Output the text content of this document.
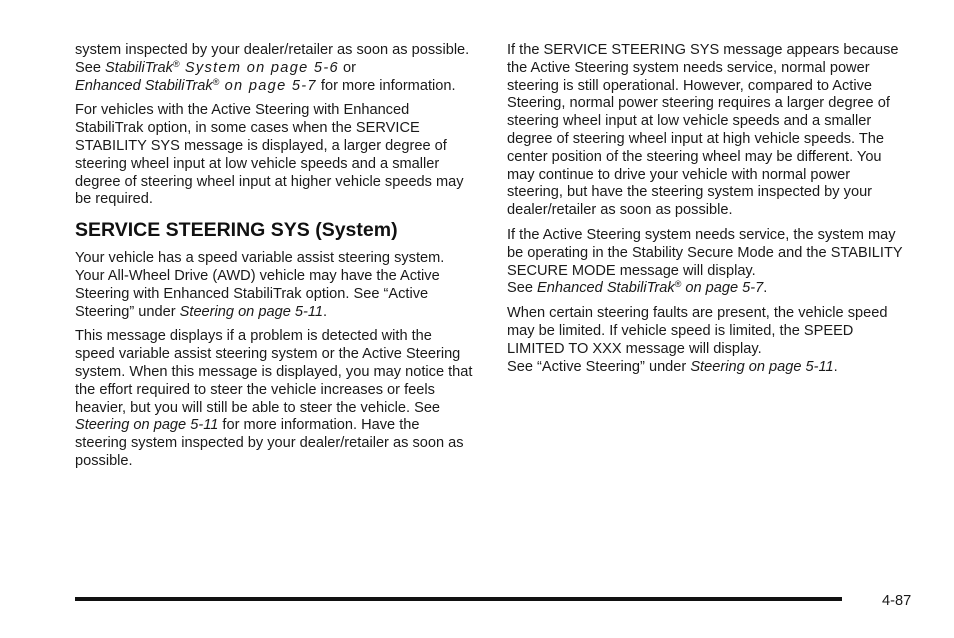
system inspected by your dealer/retailer as soon as possible. See StabiliTrak® System on page 5-6 or
Enhanced StabiliTrak® on page 5-7 for more information.

For vehicles with the Active Steering with Enhanced StabiliTrak option, in some cases when the SERVICE STABILITY SYS message is displayed, a larger degree of steering wheel input at low vehicle speeds and a smaller degree of steering wheel input at higher vehicle speeds may be required.

SERVICE STEERING SYS (System)

Your vehicle has a speed variable assist steering system. Your All-Wheel Drive (AWD) vehicle may have the Active Steering with Enhanced StabiliTrak option. See “Active Steering” under Steering on page 5-11.

This message displays if a problem is detected with the speed variable assist steering system or the Active Steering system. When this message is displayed, you may notice that the effort required to steer the vehicle increases or feels heavier, but you will still be able to steer the vehicle. See Steering on page 5-11 for more information. Have the steering system inspected by your dealer/retailer as soon as possible.

If the SERVICE STEERING SYS message appears because the Active Steering system needs service, normal power steering is still operational. However, compared to Active Steering, normal power steering requires a larger degree of steering wheel input at low vehicle speeds and a smaller degree of steering wheel input at high vehicle speeds. The center position of the steering wheel may be different. You may continue to drive your vehicle with normal power steering, but have the steering system inspected by your dealer/retailer as soon as possible.

If the Active Steering system needs service, the system may be operating in the Stability Secure Mode and the STABILITY SECURE MODE message will display.
See Enhanced StabiliTrak® on page 5-7.

When certain steering faults are present, the vehicle speed may be limited. If vehicle speed is limited, the SPEED LIMITED TO XXX message will display.
See “Active Steering” under Steering on page 5-11.

4-87
